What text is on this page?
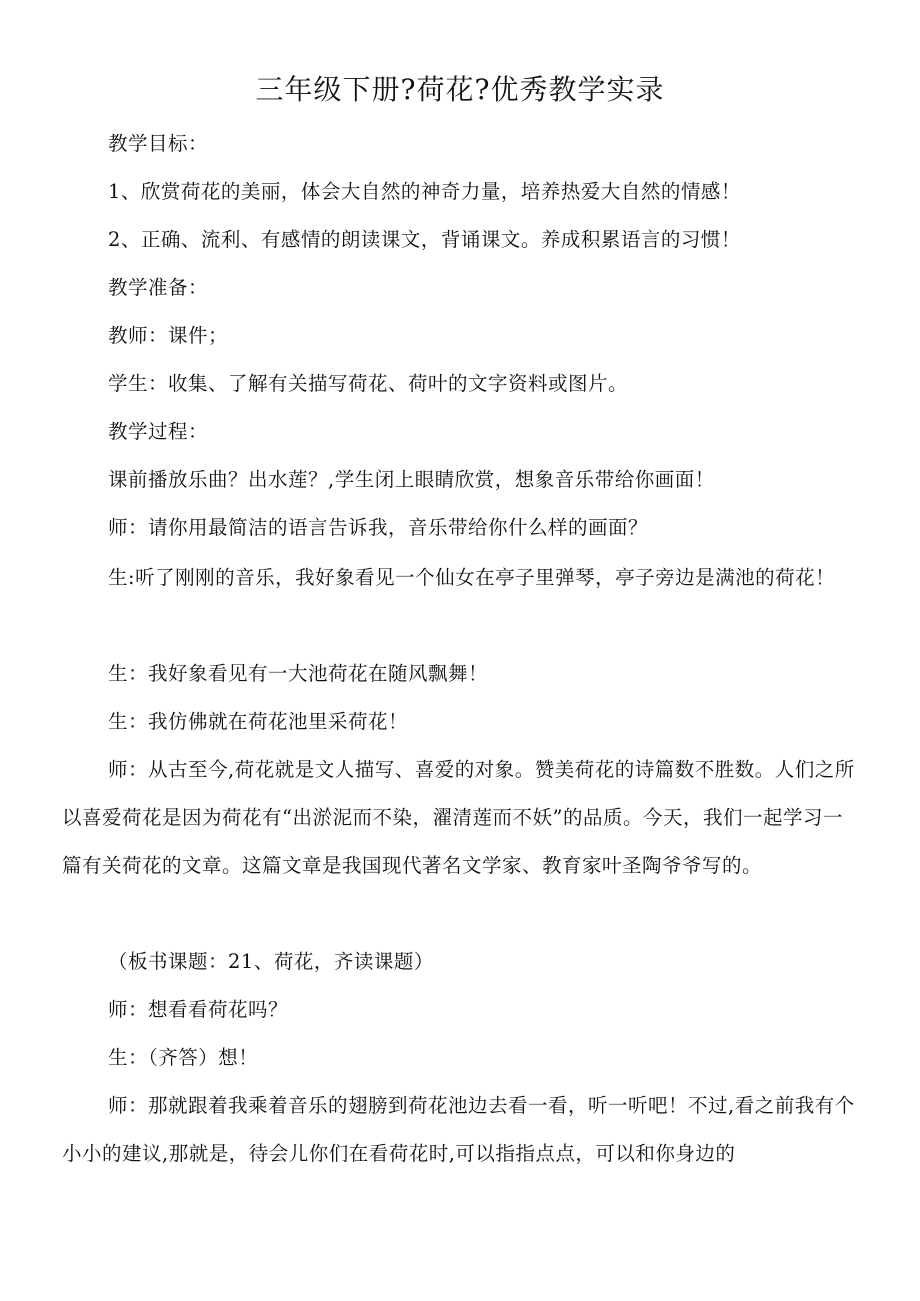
三年级下册?荷花?优秀教学实录
教学目标：
1、欣赏荷花的美丽，体会大自然的神奇力量，培养热爱大自然的情感！
2、正确、流利、有感情的朗读课文，背诵课文。养成积累语言的习惯！
教学准备：
教师：课件；
学生：收集、了解有关描写荷花、荷叶的文字资料或图片。
教学过程：
课前播放乐曲？出水莲？,学生闭上眼睛欣赏，想象音乐带给你画面！
师：请你用最简洁的语言告诉我，音乐带给你什么样的画面？
生:听了刚刚的音乐，我好象看见一个仙女在亭子里弹琴，亭子旁边是满池的荷花！
生：我好象看见有一大池荷花在随风飘舞！
生：我仿佛就在荷花池里采荷花！
师：从古至今,荷花就是文人描写、喜爱的对象。赞美荷花的诗篇数不胜数。人们之所以喜爱荷花是因为荷花有“出淤泥而不染，濯清莲而不妖”的品质。今天，我们一起学习一篇有关荷花的文章。这篇文章是我国现代著名文学家、教育家叶圣陶爷爷写的。
（板书课题：21、荷花，齐读课题）
师：想看看荷花吗？
生：（齐答）想！
师：那就跟着我乘着音乐的翅膀到荷花池边去看一看，听一听吧！不过,看之前我有个小小的建议,那就是，待会儿你们在看荷花时,可以指指点点，可以和你身边的
